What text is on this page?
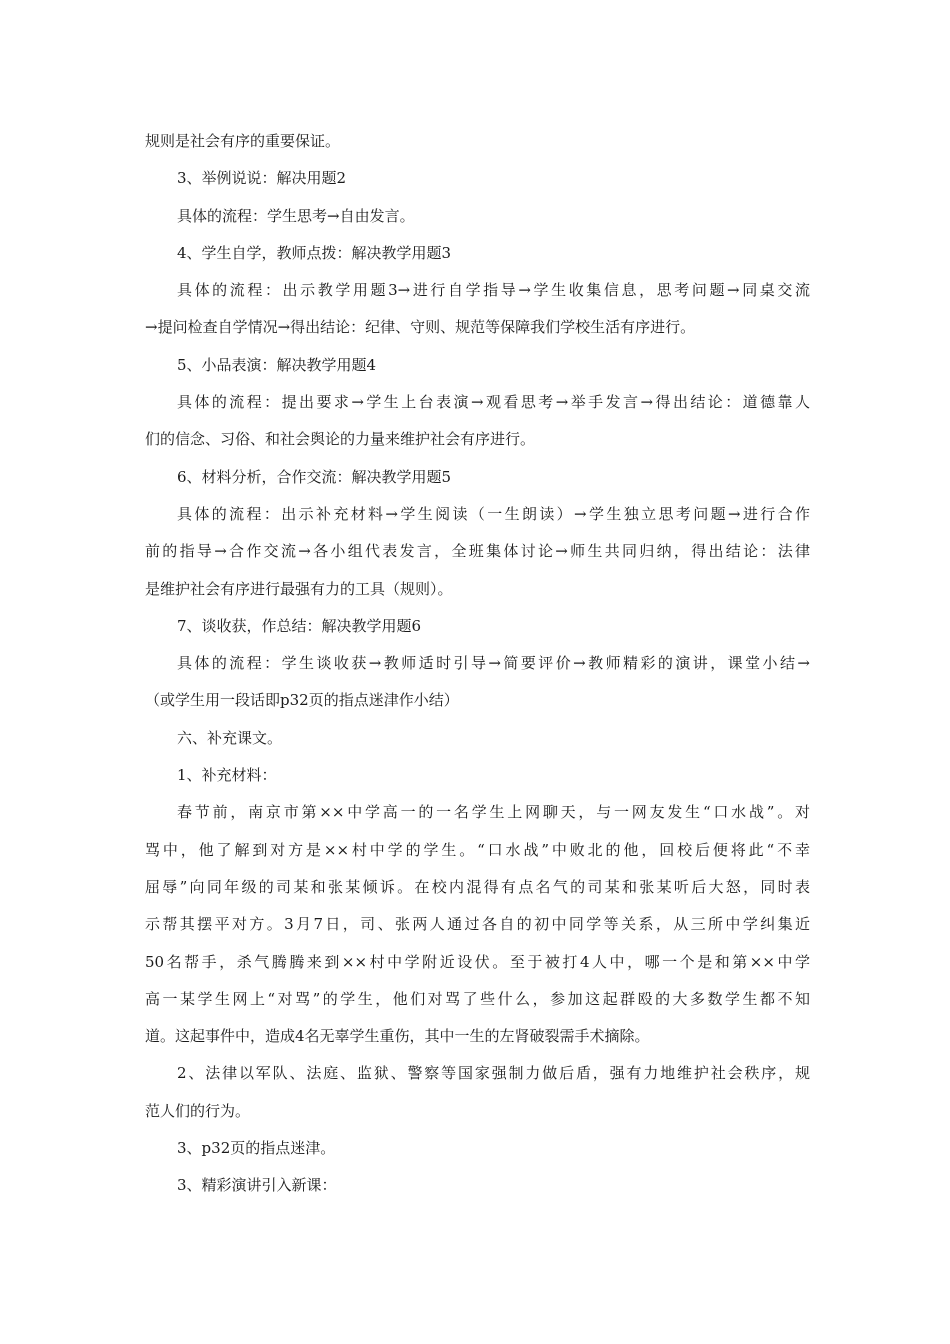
规则是社会有序的重要保证。
3、举例说说：解决用题2
具体的流程：学生思考→自由发言。
4、学生自学，教师点拨：解决教学用题3
具体的流程：出示教学用题3→进行自学指导→学生收集信息，思考问题→同桌交流
→提问检查自学情况→得出结论：纪律、守则、规范等保障我们学校生活有序进行。
5、小品表演：解决教学用题4
具体的流程：提出要求→学生上台表演→观看思考→举手发言→得出结论：道德靠人
们的信念、习俗、和社会舆论的力量来维护社会有序进行。
6、材料分析，合作交流：解决教学用题5
具体的流程：出示补充材料→学生阅读（一生朗读）→学生独立思考问题→进行合作
前的指导→合作交流→各小组代表发言，全班集体讨论→师生共同归纳，得出结论：法律
是维护社会有序进行最强有力的工具（规则）。
7、谈收获，作总结：解决教学用题6
具体的流程：学生谈收获→教师适时引导→简要评价→教师精彩的演讲，课堂小结→
（或学生用一段话即p32页的指点迷津作小结）
六、补充课文。
1、补充材料：
春节前，南京市第××中学高一的一名学生上网聊天，与一网友发生“口水战”。对
骂中，他了解到对方是××村中学的学生。“口水战”中败北的他，回校后便将此“不幸
屈辱”向同年级的司某和张某倾诉。在校内混得有点名气的司某和张某听后大怒，同时表
示帮其摆平对方。3月7日，司、张两人通过各自的初中同学等关系，从三所中学纠集近
50名帮手，杀气腾腾来到××村中学附近设伏。至于被打4人中，哪一个是和第××中学
高一某学生网上“对骂”的学生，他们对骂了些什么，参加这起群殴的大多数学生都不知
道。这起事件中，造成4名无辜学生重伤，其中一生的左肾破裂需手术摘除。
2、法律以军队、法庭、监狱、警察等国家强制力做后盾，强有力地维护社会秩序，规
范人们的行为。
3、p32页的指点迷津。
3、精彩演讲引入新课：
